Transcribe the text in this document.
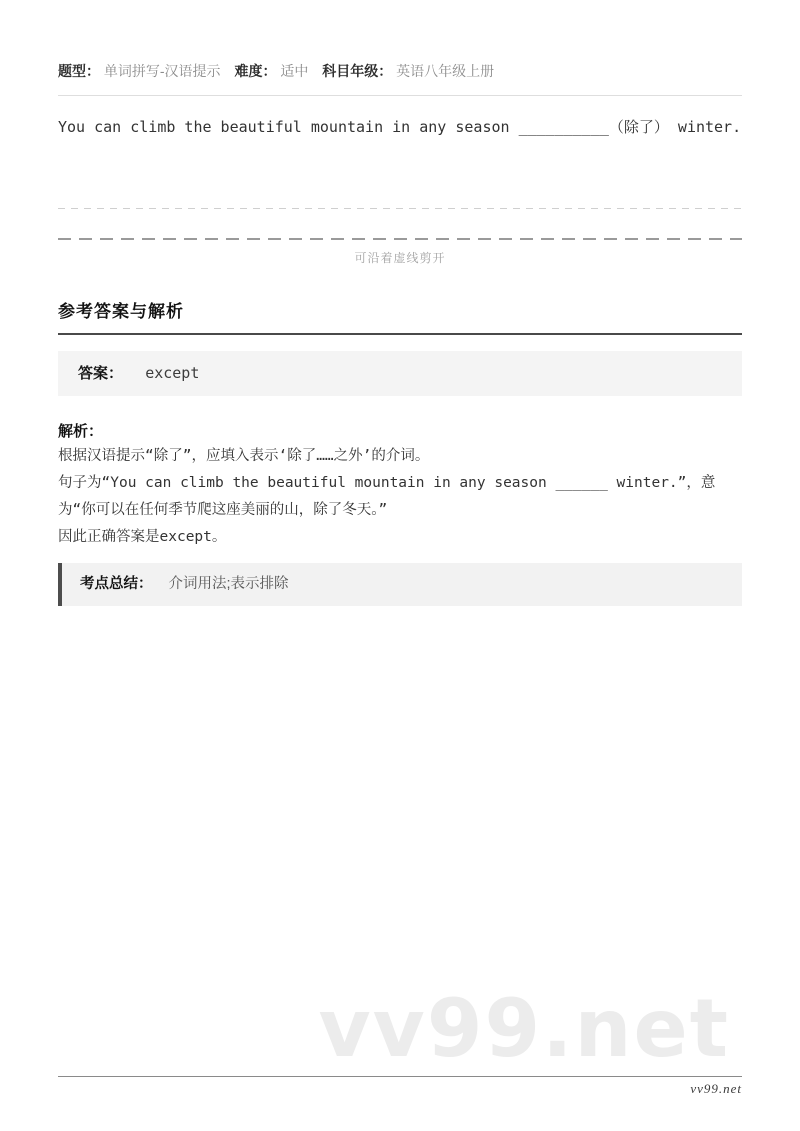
题型： 单词拼写-汉语提示 难度： 适中 科目年级： 英语八年级上册
You can climb the beautiful mountain in any season __________（除了） winter.
可沿着虚线剪开
参考答案与解析
答案： except
解析：
根据汉语提示“除了”，应填入表示‘除了……之外’的介词。
句子为“You can climb the beautiful mountain in any season ______ winter.”，意为“你可以在任何季节爬这座美丽的山，除了冬天。”
因此正确答案是except。
考点总结： 介词用法;表示排除
vv99.net
vv99.net
